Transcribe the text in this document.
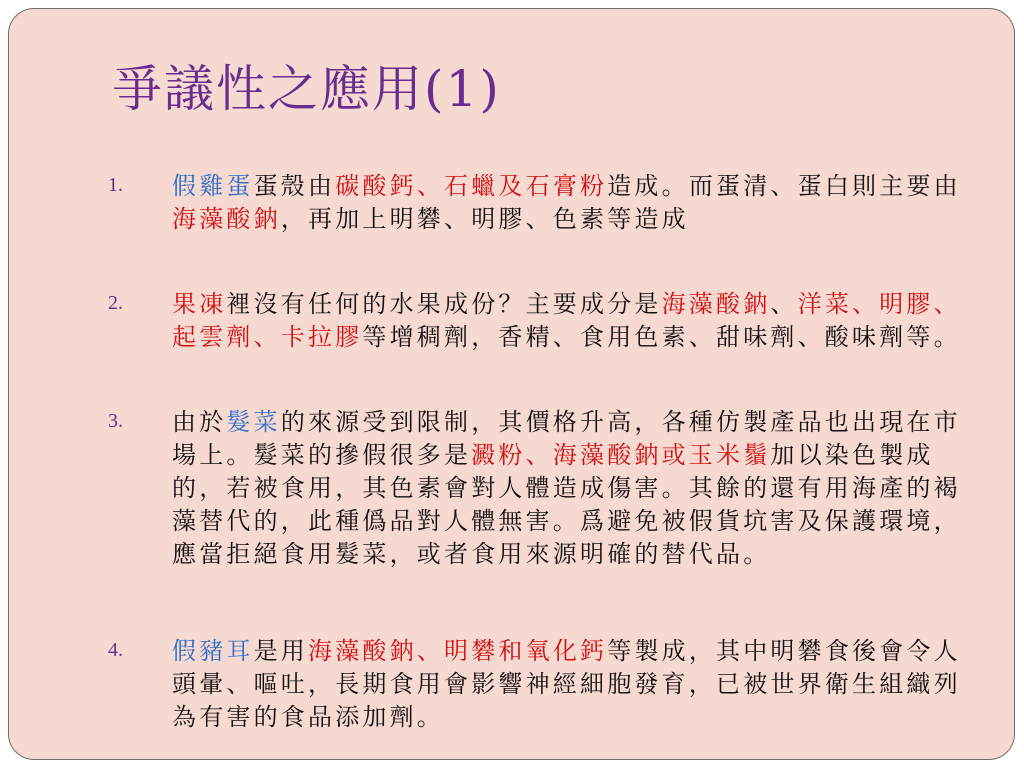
爭議性之應用(1)
1. 假雞蛋蛋殼由碳酸鈣、石蠟及石膏粉造成。而蛋清、蛋白則主要由海藻酸鈉，再加上明礬、明膠、色素等造成
2. 果凍裡沒有任何的水果成份？主要成分是海藻酸鈉、洋菜、明膠、起雲劑、卡拉膠等增稠劑，香精、食用色素、甜味劑、酸味劑等。
3. 由於髮菜的來源受到限制，其價格升高，各種仿製產品也出現在市場上。髮菜的摻假很多是澱粉、海藻酸鈉或玉米鬚加以染色製成的，若被食用，其色素會對人體造成傷害。其餘的還有用海產的褐藻替代的，此種僞品對人體無害。爲避免被假貨坑害及保護環境，應當拒絕食用髮菜，或者食用來源明確的替代品。
4. 假豬耳是用海藻酸鈉、明礬和氧化鈣等製成，其中明礬食後會令人頭暈、嘔吐，長期食用會影響神經細胞發育，已被世界衛生組織列為有害的食品添加劑。
